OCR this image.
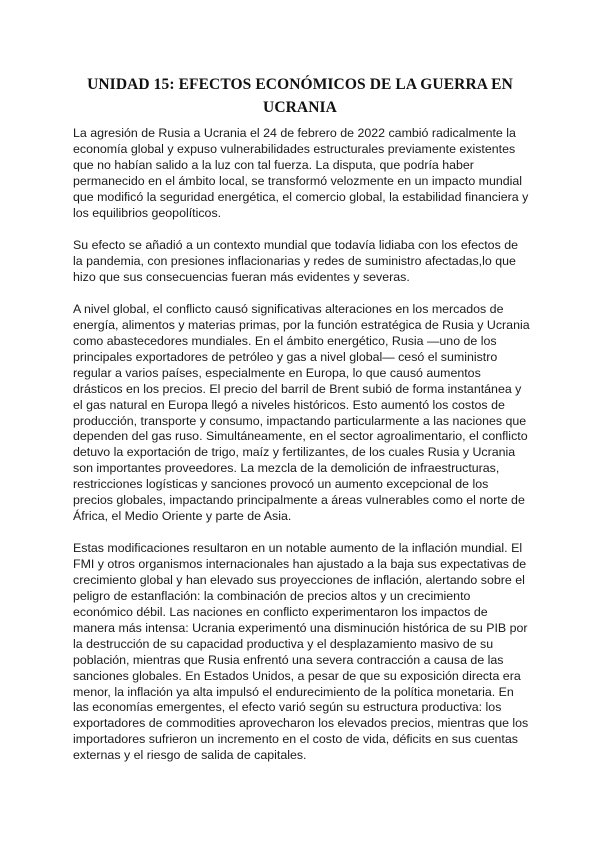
UNIDAD 15: EFECTOS ECONÓMICOS DE LA GUERRA EN
UCRANIA

La agresión de Rusia a Ucrania el 24 de febrero de 2022 cambió radicalmente la economía global y expuso vulnerabilidades estructurales previamente existentes que no habían salido a la luz con tal fuerza. La disputa, que podría haber permanecido en el ámbito local, se transformó velozmente en un impacto mundial que modificó la seguridad energética, el comercio global, la estabilidad financiera y los equilibrios geopolíticos.

Su efecto se añadió a un contexto mundial que todavía lidiaba con los efectos de la pandemia, con presiones inflacionarias y redes de suministro afectadas,lo que hizo que sus consecuencias fueran más evidentes y severas.

A nivel global, el conflicto causó significativas alteraciones en los mercados de energía, alimentos y materias primas, por la función estratégica de Rusia y Ucrania como abastecedores mundiales. En el ámbito energético, Rusia —uno de los principales exportadores de petróleo y gas a nivel global— cesó el suministro regular a varios países, especialmente en Europa, lo que causó aumentos drásticos en los precios. El precio del barril de Brent subió de forma instantánea y el gas natural en Europa llegó a niveles históricos. Esto aumentó los costos de producción, transporte y consumo, impactando particularmente a las naciones que dependen del gas ruso. Simultáneamente, en el sector agroalimentario, el conflicto detuvo la exportación de trigo, maíz y fertilizantes, de los cuales Rusia y Ucrania son importantes proveedores. La mezcla de la demolición de infraestructuras, restricciones logísticas y sanciones provocó un aumento excepcional de los precios globales, impactando principalmente a áreas vulnerables como el norte de África, el Medio Oriente y parte de Asia.

Estas modificaciones resultaron en un notable aumento de la inflación mundial. El FMI y otros organismos internacionales han ajustado a la baja sus expectativas de crecimiento global y han elevado sus proyecciones de inflación, alertando sobre el peligro de estanflación: la combinación de precios altos y un crecimiento económico débil. Las naciones en conflicto experimentaron los impactos de manera más intensa: Ucrania experimentó una disminución histórica de su PIB por la destrucción de su capacidad productiva y el desplazamiento masivo de su población, mientras que Rusia enfrentó una severa contracción a causa de las sanciones globales. En Estados Unidos, a pesar de que su exposición directa era menor, la inflación ya alta impulsó el endurecimiento de la política monetaria. En las economías emergentes, el efecto varió según su estructura productiva: los exportadores de commodities aprovecharon los elevados precios, mientras que los importadores sufrieron un incremento en el costo de vida, déficits en sus cuentas externas y el riesgo de salida de capitales.
